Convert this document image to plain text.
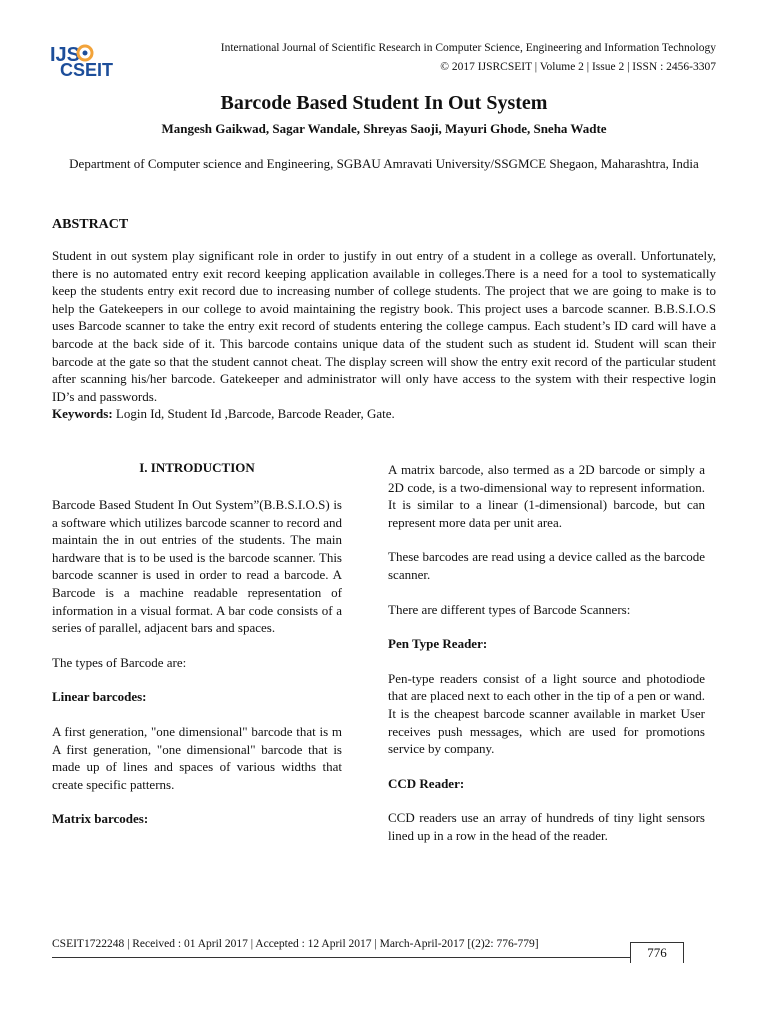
IJS
CSEIT
International Journal of Scientific Research in Computer Science, Engineering and Information Technology
© 2017 IJSRCSEIT | Volume 2 | Issue 2 | ISSN : 2456-3307
Barcode Based Student In Out System
Mangesh Gaikwad, Sagar Wandale, Shreyas Saoji, Mayuri Ghode, Sneha Wadte
Department of Computer science and Engineering, SGBAU Amravati University/SSGMCE Shegaon, Maharashtra, India
ABSTRACT
Student in out system play significant role in order to justify in out entry of a student in a college as overall. Unfortunately, there is no automated entry exit record keeping application available in colleges.There is a need for a tool to systematically keep the students entry exit record due to increasing number of college students. The project that we are going to make is to help the Gatekeepers in our college to avoid maintaining the registry book. This project uses a barcode scanner. B.B.S.I.O.S uses Barcode scanner to take the entry exit record of students entering the college campus. Each student’s ID card will have a barcode at the back side of it. This barcode contains unique data of the student such as student id. Student will scan their barcode at the gate so that the student cannot cheat. The display screen will show the entry exit record of the particular student after scanning his/her barcode. Gatekeeper and administrator will only have access to the system with their respective login ID’s and passwords.
Keywords: Login Id, Student Id ,Barcode, Barcode Reader, Gate.
I. INTRODUCTION

Barcode Based Student In Out System”(B.B.S.I.O.S) is a software which utilizes barcode scanner to record and maintain the in out entries of the students. The main hardware that is to be used is the barcode scanner. This barcode scanner is used in order to read a barcode. A Barcode is a machine readable representation of information in a visual format. A bar code consists of a series of parallel, adjacent bars and spaces.

The types of Barcode are:

Linear barcodes:

A first generation, "one dimensional" barcode that is m A first generation, "one dimensional" barcode that is made up of lines and spaces of various widths that create specific patterns.

Matrix barcodes:

A matrix barcode, also termed as a 2D barcode or simply a 2D code, is a two-dimensional way to represent information. It is similar to a linear (1-dimensional) barcode, but can represent more data per unit area.

These barcodes are read using a device called as the barcode scanner.

There are different types of Barcode Scanners:

Pen Type Reader:

Pen-type readers consist of a light source and photodiode that are placed next to each other in the tip of a pen or wand. It is the cheapest barcode scanner available in market User receives push messages, which are used for promotions service by company.

CCD Reader:

CCD readers use an array of hundreds of tiny light sensors lined up in a row in the head of the reader.

CSEIT1722248 | Received : 01 April 2017 | Accepted : 12 April 2017 | March-April-2017 [(2)2: 776-779]
776
